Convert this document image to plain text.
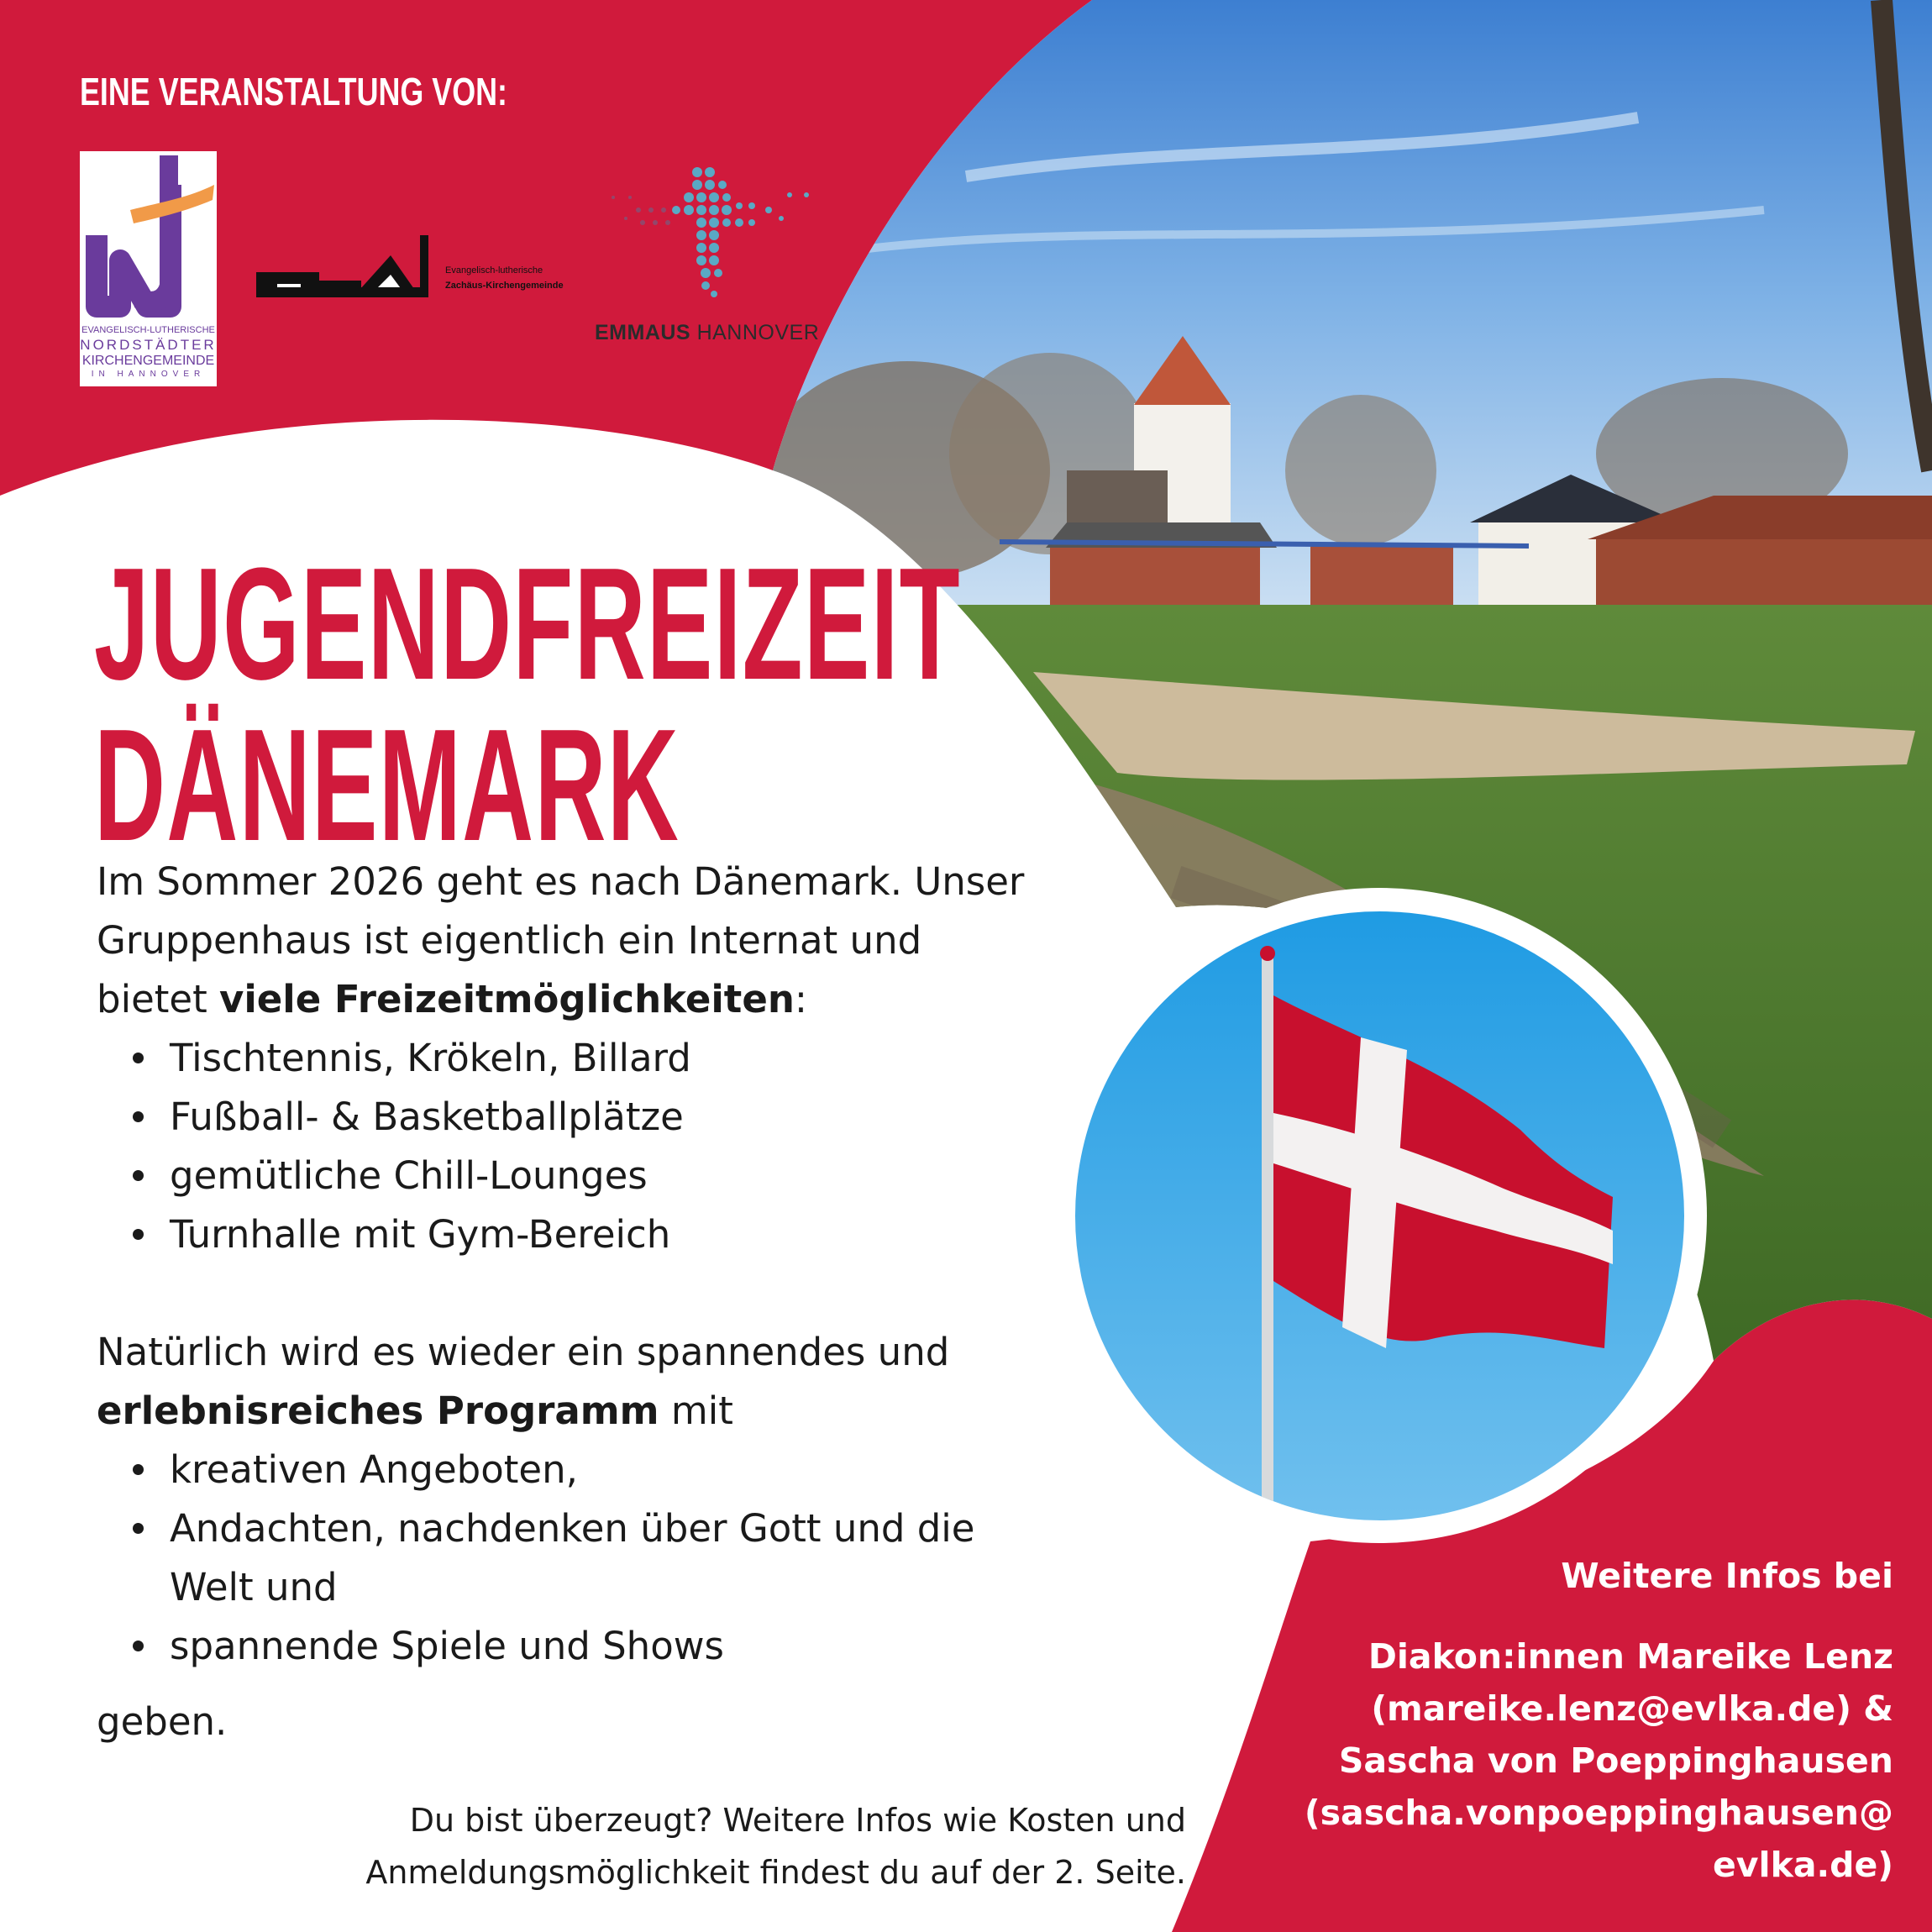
EINE VERANSTALTUNG VON:
EVANGELISCH-LUTHERISCHE
NORDSTÄDTER
KIRCHENGEMEINDE
IN HANNOVER
Evangelisch-lutherische
Zachäus-Kirchengemeinde
EMMAUS HANNOVER
JUGENDFREIZEIT
DÄNEMARK
Im Sommer 2026 geht es nach Dänemark. Unser
Gruppenhaus ist eigentlich ein Internat und
bietet viele Freizeitmöglichkeiten:
Tischtennis, Krökeln, Billard
Fußball- & Basketballplätze
gemütliche Chill-Lounges
Turnhalle mit Gym-Bereich
Natürlich wird es wieder ein spannendes und
erlebnisreiches Programm mit
kreativen Angeboten,
Andachten, nachdenken über Gott und die
Welt und
spannende Spiele und Shows
geben.
Du bist überzeugt? Weitere Infos wie Kosten und
Anmeldungsmöglichkeit findest du auf der 2. Seite.
Weitere Infos bei
Diakon:innen Mareike Lenz
(mareike.lenz@evlka.de) &
Sascha von Poeppinghausen
(sascha.vonpoeppinghausen@
evlka.de)
